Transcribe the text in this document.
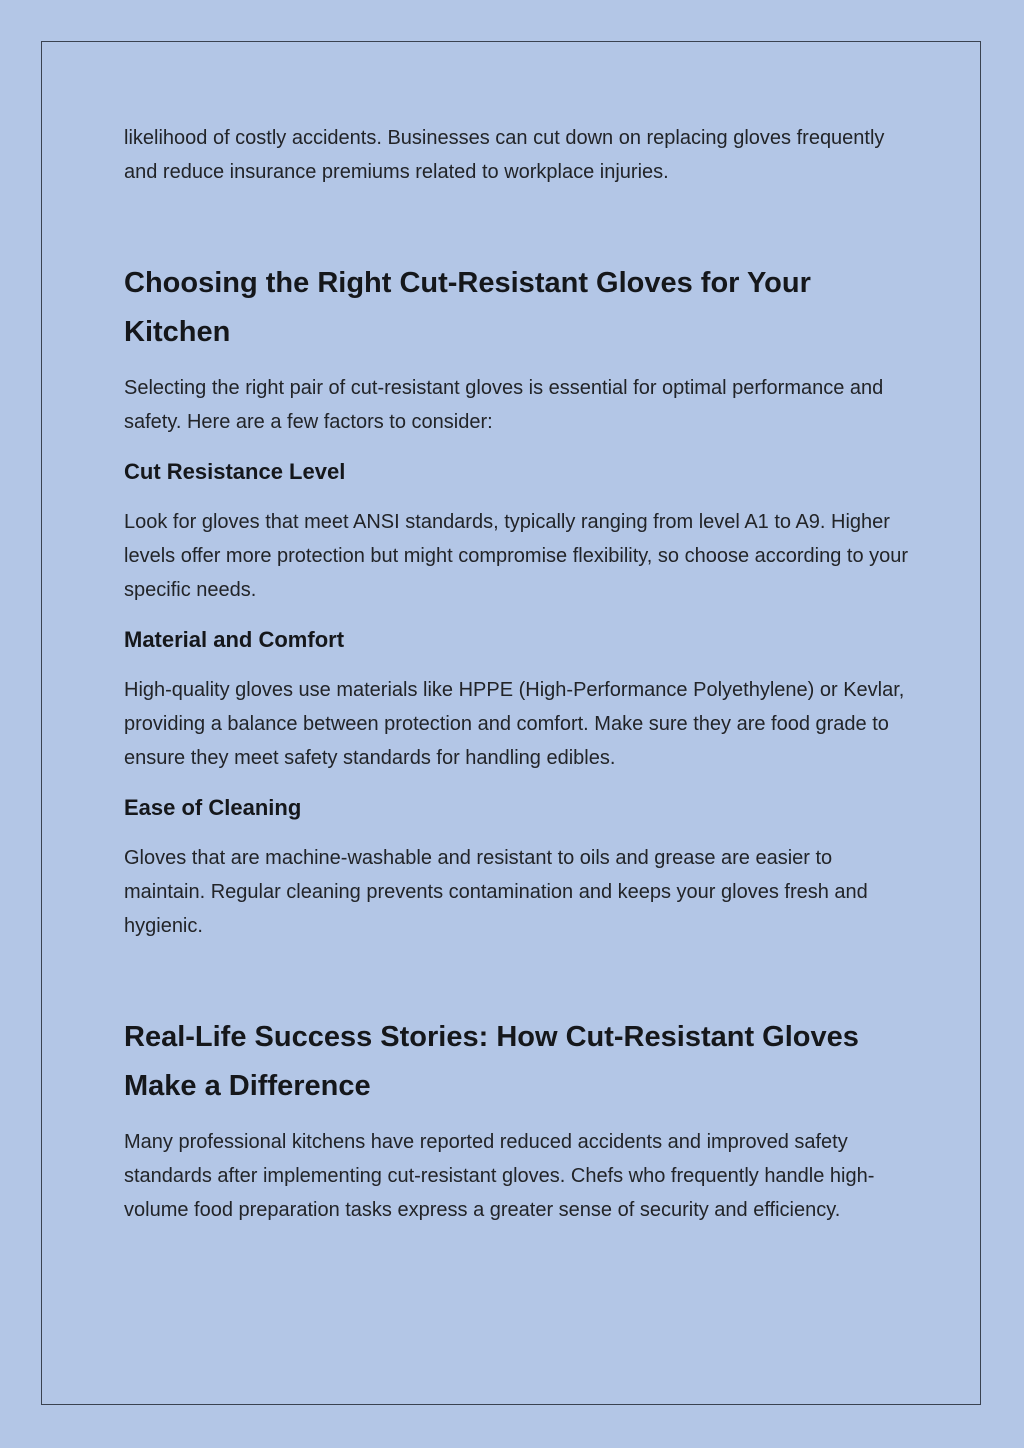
likelihood of costly accidents. Businesses can cut down on replacing gloves frequently and reduce insurance premiums related to workplace injuries.

Choosing the Right Cut-Resistant Gloves for Your Kitchen

Selecting the right pair of cut-resistant gloves is essential for optimal performance and safety. Here are a few factors to consider:

Cut Resistance Level

Look for gloves that meet ANSI standards, typically ranging from level A1 to A9. Higher levels offer more protection but might compromise flexibility, so choose according to your specific needs.

Material and Comfort

High-quality gloves use materials like HPPE (High-Performance Polyethylene) or Kevlar, providing a balance between protection and comfort. Make sure they are food grade to ensure they meet safety standards for handling edibles.

Ease of Cleaning

Gloves that are machine-washable and resistant to oils and grease are easier to maintain. Regular cleaning prevents contamination and keeps your gloves fresh and hygienic.

Real-Life Success Stories: How Cut-Resistant Gloves Make a Difference

Many professional kitchens have reported reduced accidents and improved safety standards after implementing cut-resistant gloves. Chefs who frequently handle high-volume food preparation tasks express a greater sense of security and efficiency.
